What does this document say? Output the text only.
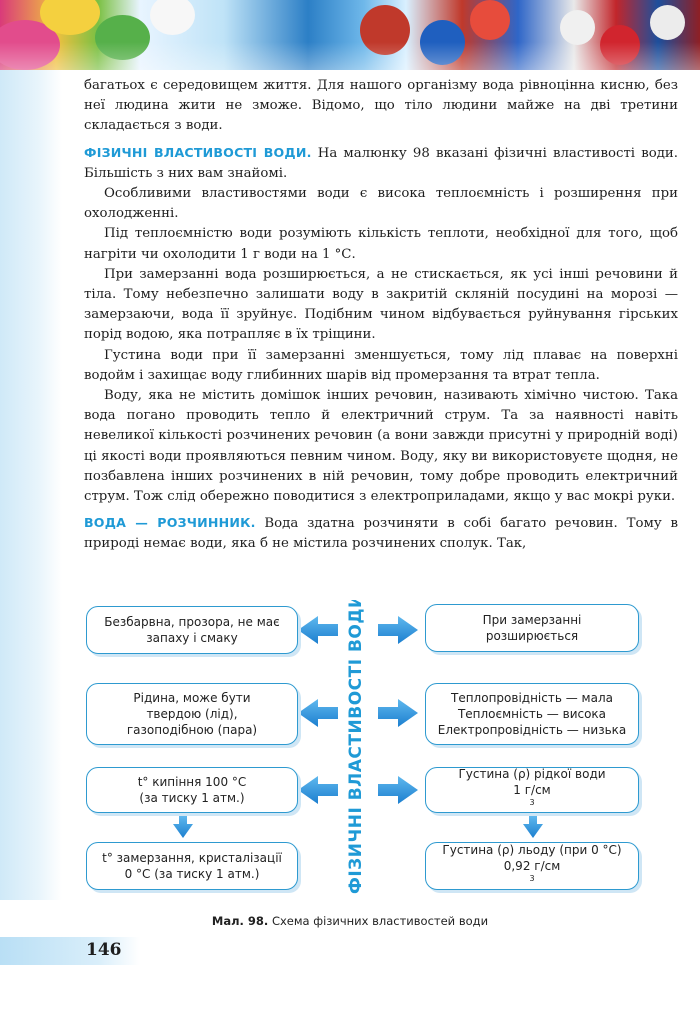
багатьох є середовищем життя. Для нашого організму вода рівноцінна кисню, без неї людина жити не зможе. Відомо, що тіло людини майже на дві третини складається з води.

ФІЗИЧНІ ВЛАСТИВОСТІ ВОДИ. На малюнку 98 вказані фізичні властивості води. Більшість з них вам знайомі.

Особливими властивостями води є висока теплоємність і розширення при охолодженні.

Під теплоємністю води розуміють кількість теплоти, необхідної для того, щоб нагріти чи охолодити 1 г води на 1 °С.

При замерзанні вода розширюється, а не стискається, як усі інші речовини й тіла. Тому небезпечно залишати воду в закритій скляній посудині на морозі — замерзаючи, вода її зруйнує. Подібним чином відбувається руйнування гірських порід водою, яка потрапляє в їх тріщини.

Густина води при її замерзанні зменшується, тому лід плаває на поверхні водойм і захищає воду глибинних шарів від промерзання та втрат тепла.

Воду, яка не містить домішок інших речовин, називають хімічно чистою. Така вода погано проводить тепло й електричний струм. Та за наявності навіть невеликої кількості розчинених речовин (а вони завжди присутні у природній воді) ці якості води проявляються певним чином. Воду, яку ви використовуєте щодня, не позбавлена інших розчинених в ній речовин, тому добре проводить електричний струм. Тож слід обережно поводитися з електроприладами, якщо у вас мокрі руки.

ВОДА — РОЗЧИННИК. Вода здатна розчиняти в собі багато речовин. Тому в природі немає води, яка б не містила розчинених сполук. Так,

ФІЗИЧНІ ВЛАСТИВОСТІ ВОДИ
Безбарвна, прозора, не має запаху і смаку
Рідина, може бути твердою (лід), газоподібною (пара)
t° кипіння 100 °С
(за тиску 1 атм.)
t° замерзання, кристалізації
0 °С (за тиску 1 атм.)
При замерзанні розширюється
Теплопровідність — мала
Теплоємність — висока
Електропровідність — низька
Густина (ρ) рідкої води
1 г/см
$^3$
Густина (ρ) льоду (при 0 °С)
0,92 г/см
$^3$
Мал. 98. Схема фізичних властивостей води
146
